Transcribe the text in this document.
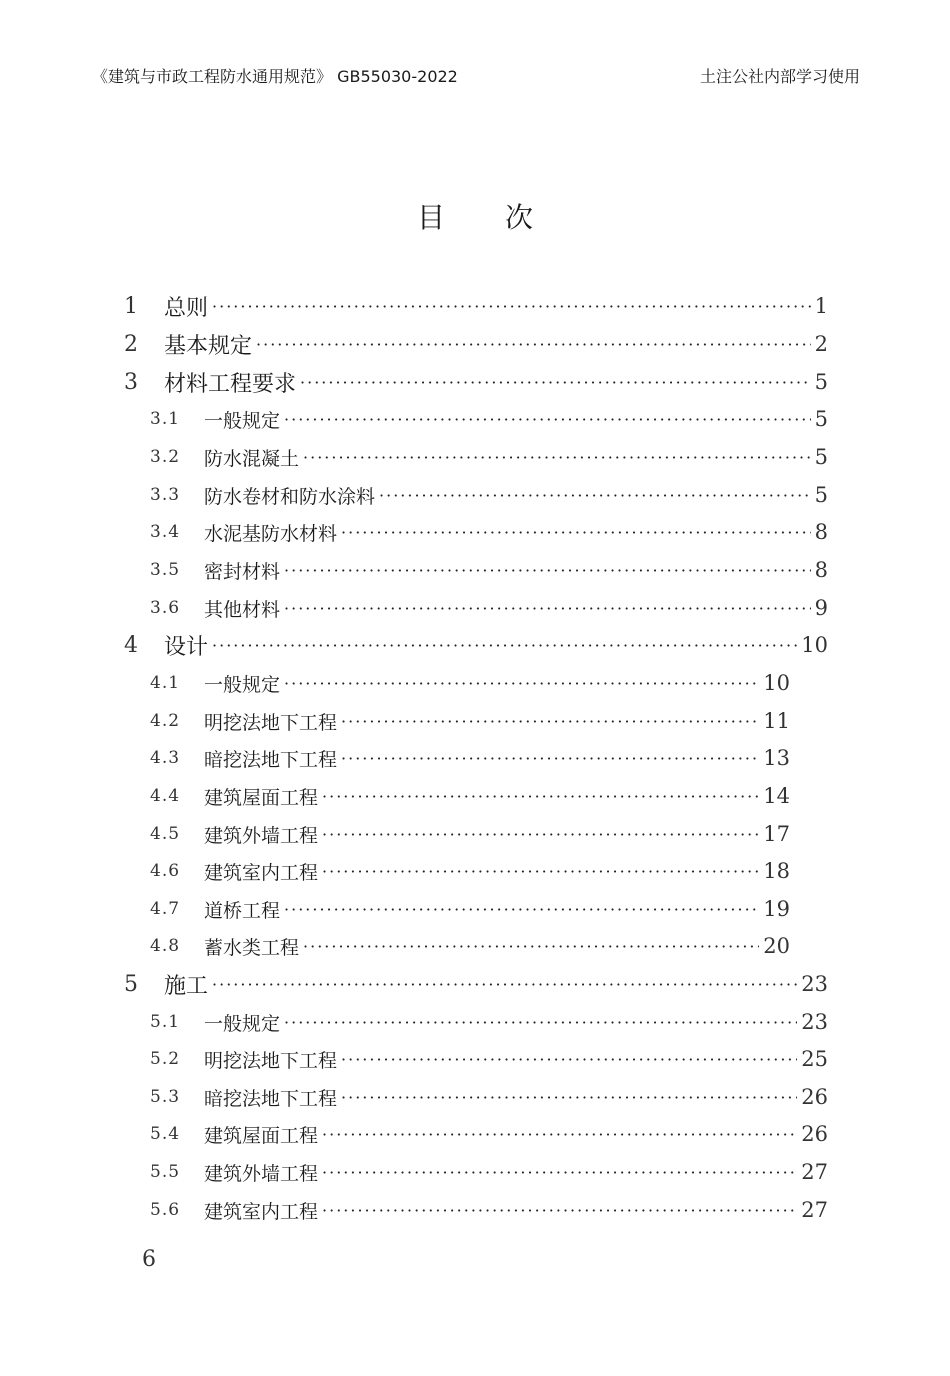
《建筑与市政工程防水通用规范》 GB55030-2022	土注公社内部学习使用
目次
1	总则 ·····	1
2	基本规定 ·····	2
3	材料工程要求 ·····	5
3.1	一般规定 ·····	5
3.2	防水混凝土 ·····	5
3.3	防水卷材和防水涂料 ·····	5
3.4	水泥基防水材料 ·····	8
3.5	密封材料 ·····	8
3.6	其他材料 ·····	9
4	设计 ·····	10
4.1	一般规定 ·····	10
4.2	明挖法地下工程 ·····	11
4.3	暗挖法地下工程 ·····	13
4.4	建筑屋面工程 ·····	14
4.5	建筑外墙工程 ·····	17
4.6	建筑室内工程 ·····	18
4.7	道桥工程 ·····	19
4.8	蓄水类工程 ·····	20
5	施工 ·····	23
5.1	一般规定 ·····	23
5.2	明挖法地下工程 ·····	25
5.3	暗挖法地下工程 ·····	26
5.4	建筑屋面工程 ·····	26
5.5	建筑外墙工程 ·····	27
5.6	建筑室内工程 ·····	27
6
